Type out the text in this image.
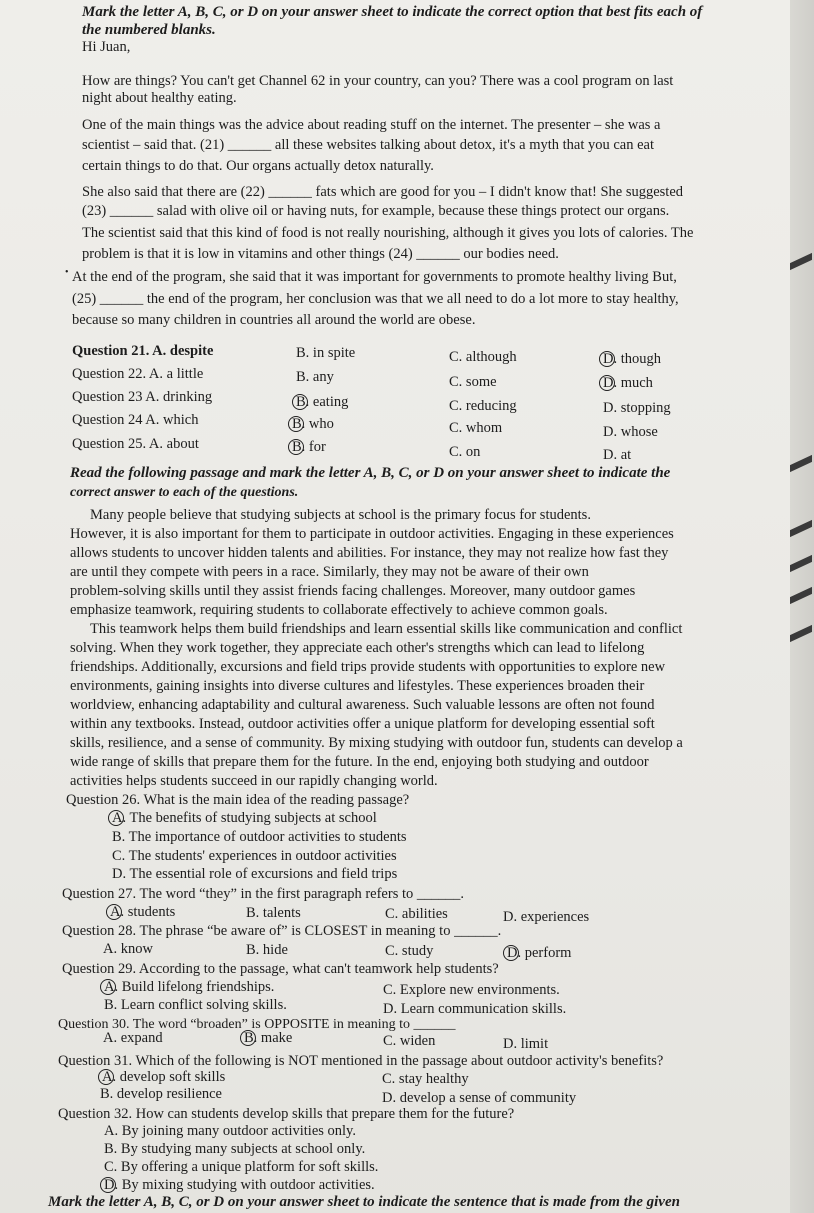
Mark the letter A, B, C, or D on your answer sheet to indicate the correct option that best fits each of
the numbered blanks.
Hi Juan,
How are things? You can't get Channel 62 in your country, can you? There was a cool program on last
night about healthy eating.
One of the main things was the advice about reading stuff on the internet. The presenter – she was a
scientist – said that. (21) ______ all these websites talking about detox, it's a myth that you can eat
certain things to do that. Our organs actually detox naturally.
She also said that there are (22) ______ fats which are good for you – I didn't know that! She suggested
(23) ______ salad with olive oil or having nuts, for example, because these things protect our organs.
The scientist said that this kind of food is not really nourishing, although it gives you lots of calories. The
problem is that it is low in vitamins and other things (24) ______ our bodies need.
• At the end of the program, she said that it was important for governments to promote healthy living But,
(25) ______ the end of the program, her conclusion was that we all need to do a lot more to stay healthy,
because so many children in countries all around the world are obese.
Question 21. A. despite	B. in spite	C. although	D. though
Question 22. A. a little	B. any	C. some	D. much
Question 23 A. drinking	B. eating	C. reducing	D. stopping
Question 24 A. which	B. who	C. whom	D. whose
Question 25. A. about	B. for	C. on	D. at
Read the following passage and mark the letter A, B, C, or D on your answer sheet to indicate the
correct answer to each of the questions.
Many people believe that studying subjects at school is the primary focus for students.
However, it is also important for them to participate in outdoor activities. Engaging in these experiences
allows students to uncover hidden talents and abilities. For instance, they may not realize how fast they
are until they compete with peers in a race. Similarly, they may not be aware of their own
problem-solving skills until they assist friends facing challenges. Moreover, many outdoor games
emphasize teamwork, requiring students to collaborate effectively to achieve common goals.
This teamwork helps them build friendships and learn essential skills like communication and conflict
solving. When they work together, they appreciate each other's strengths which can lead to lifelong
friendships. Additionally, excursions and field trips provide students with opportunities to explore new
environments, gaining insights into diverse cultures and lifestyles. These experiences broaden their
worldview, enhancing adaptability and cultural awareness. Such valuable lessons are often not found
within any textbooks. Instead, outdoor activities offer a unique platform for developing essential soft
skills, resilience, and a sense of community. By mixing studying with outdoor fun, students can develop a
wide range of skills that prepare them for the future. In the end, enjoying both studying and outdoor
activities helps students succeed in our rapidly changing world.
Question 26. What is the main idea of the reading passage?
A. The benefits of studying subjects at school
B. The importance of outdoor activities to students
C. The students' experiences in outdoor activities
D. The essential role of excursions and field trips
Question 27. The word “they” in the first paragraph refers to ______.
A. students	B. talents	C. abilities	D. experiences
Question 28. The phrase “be aware of” is CLOSEST in meaning to ______.
A. know	B. hide	C. study	D. perform
Question 29. According to the passage, what can't teamwork help students?
A. Build lifelong friendships.	C. Explore new environments.
B. Learn conflict solving skills.	D. Learn communication skills.
Question 30. The word “broaden” is OPPOSITE in meaning to ______
A. expand	B. make	C. widen	D. limit
Question 31. Which of the following is NOT mentioned in the passage about outdoor activity's benefits?
A. develop soft skills	C. stay healthy
B. develop resilience	D. develop a sense of community
Question 32. How can students develop skills that prepare them for the future?
A. By joining many outdoor activities only.
B. By studying many subjects at school only.
C. By offering a unique platform for soft skills.
D. By mixing studying with outdoor activities.
Mark the letter A, B, C, or D on your answer sheet to indicate the sentence that is made from the given
